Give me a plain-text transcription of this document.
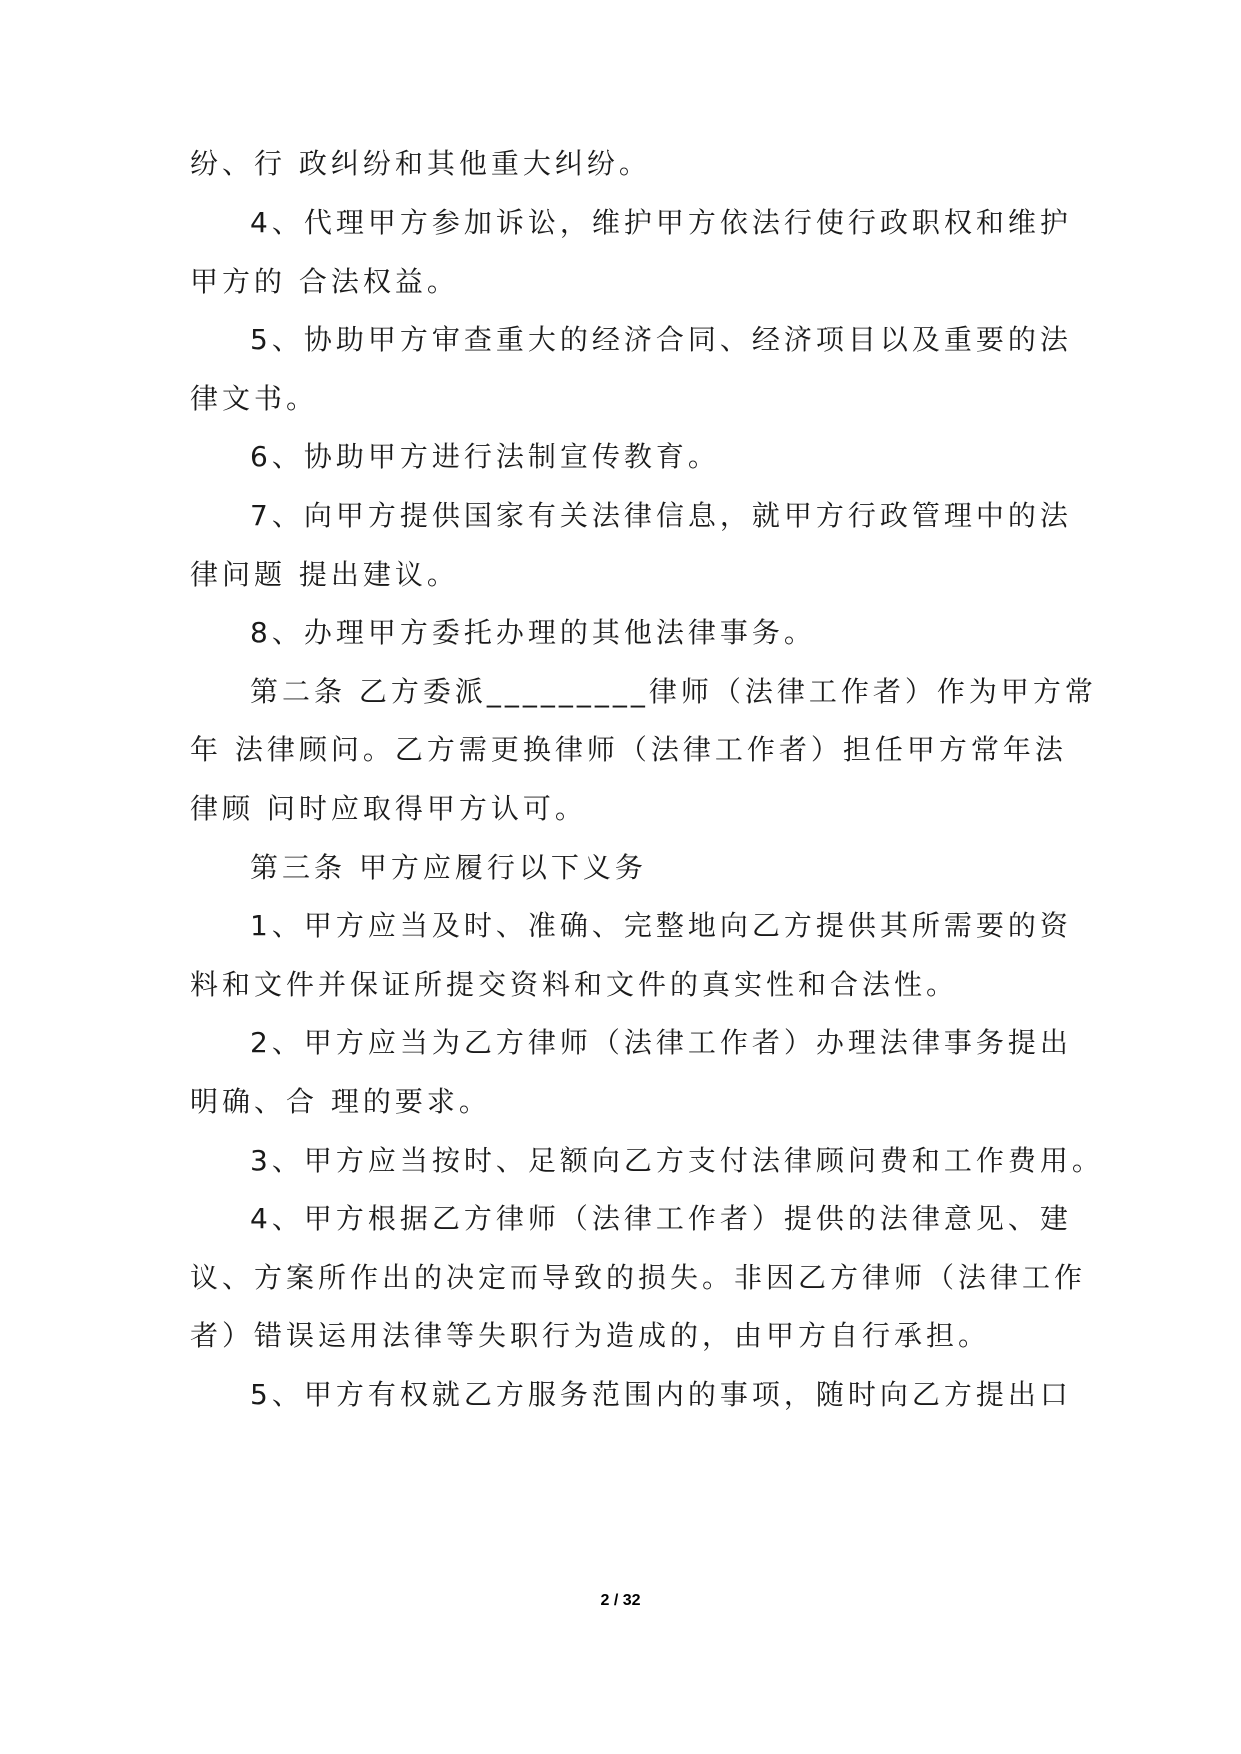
纷、行 政纠纷和其他重大纠纷。
4、代理甲方参加诉讼，维护甲方依法行使行政职权和维护
甲方的 合法权益。
5、协助甲方审查重大的经济合同、经济项目以及重要的法
律文书。
6、协助甲方进行法制宣传教育。
7、向甲方提供国家有关法律信息，就甲方行政管理中的法
律问题 提出建议。
8、办理甲方委托办理的其他法律事务。
第二条 乙方委派_________律师（法律工作者）作为甲方常
年 法律顾问。乙方需更换律师（法律工作者）担任甲方常年法
律顾 问时应取得甲方认可。
第三条 甲方应履行以下义务
1、甲方应当及时、准确、完整地向乙方提供其所需要的资
料和文件并保证所提交资料和文件的真实性和合法性。
2、甲方应当为乙方律师（法律工作者）办理法律事务提出
明确、合 理的要求。
3、甲方应当按时、足额向乙方支付法律顾问费和工作费用。
4、甲方根据乙方律师（法律工作者）提供的法律意见、建
议、方案所作出的决定而导致的损失。非因乙方律师（法律工作
者）错误运用法律等失职行为造成的，由甲方自行承担。
5、甲方有权就乙方服务范围内的事项，随时向乙方提出口
2 / 32
